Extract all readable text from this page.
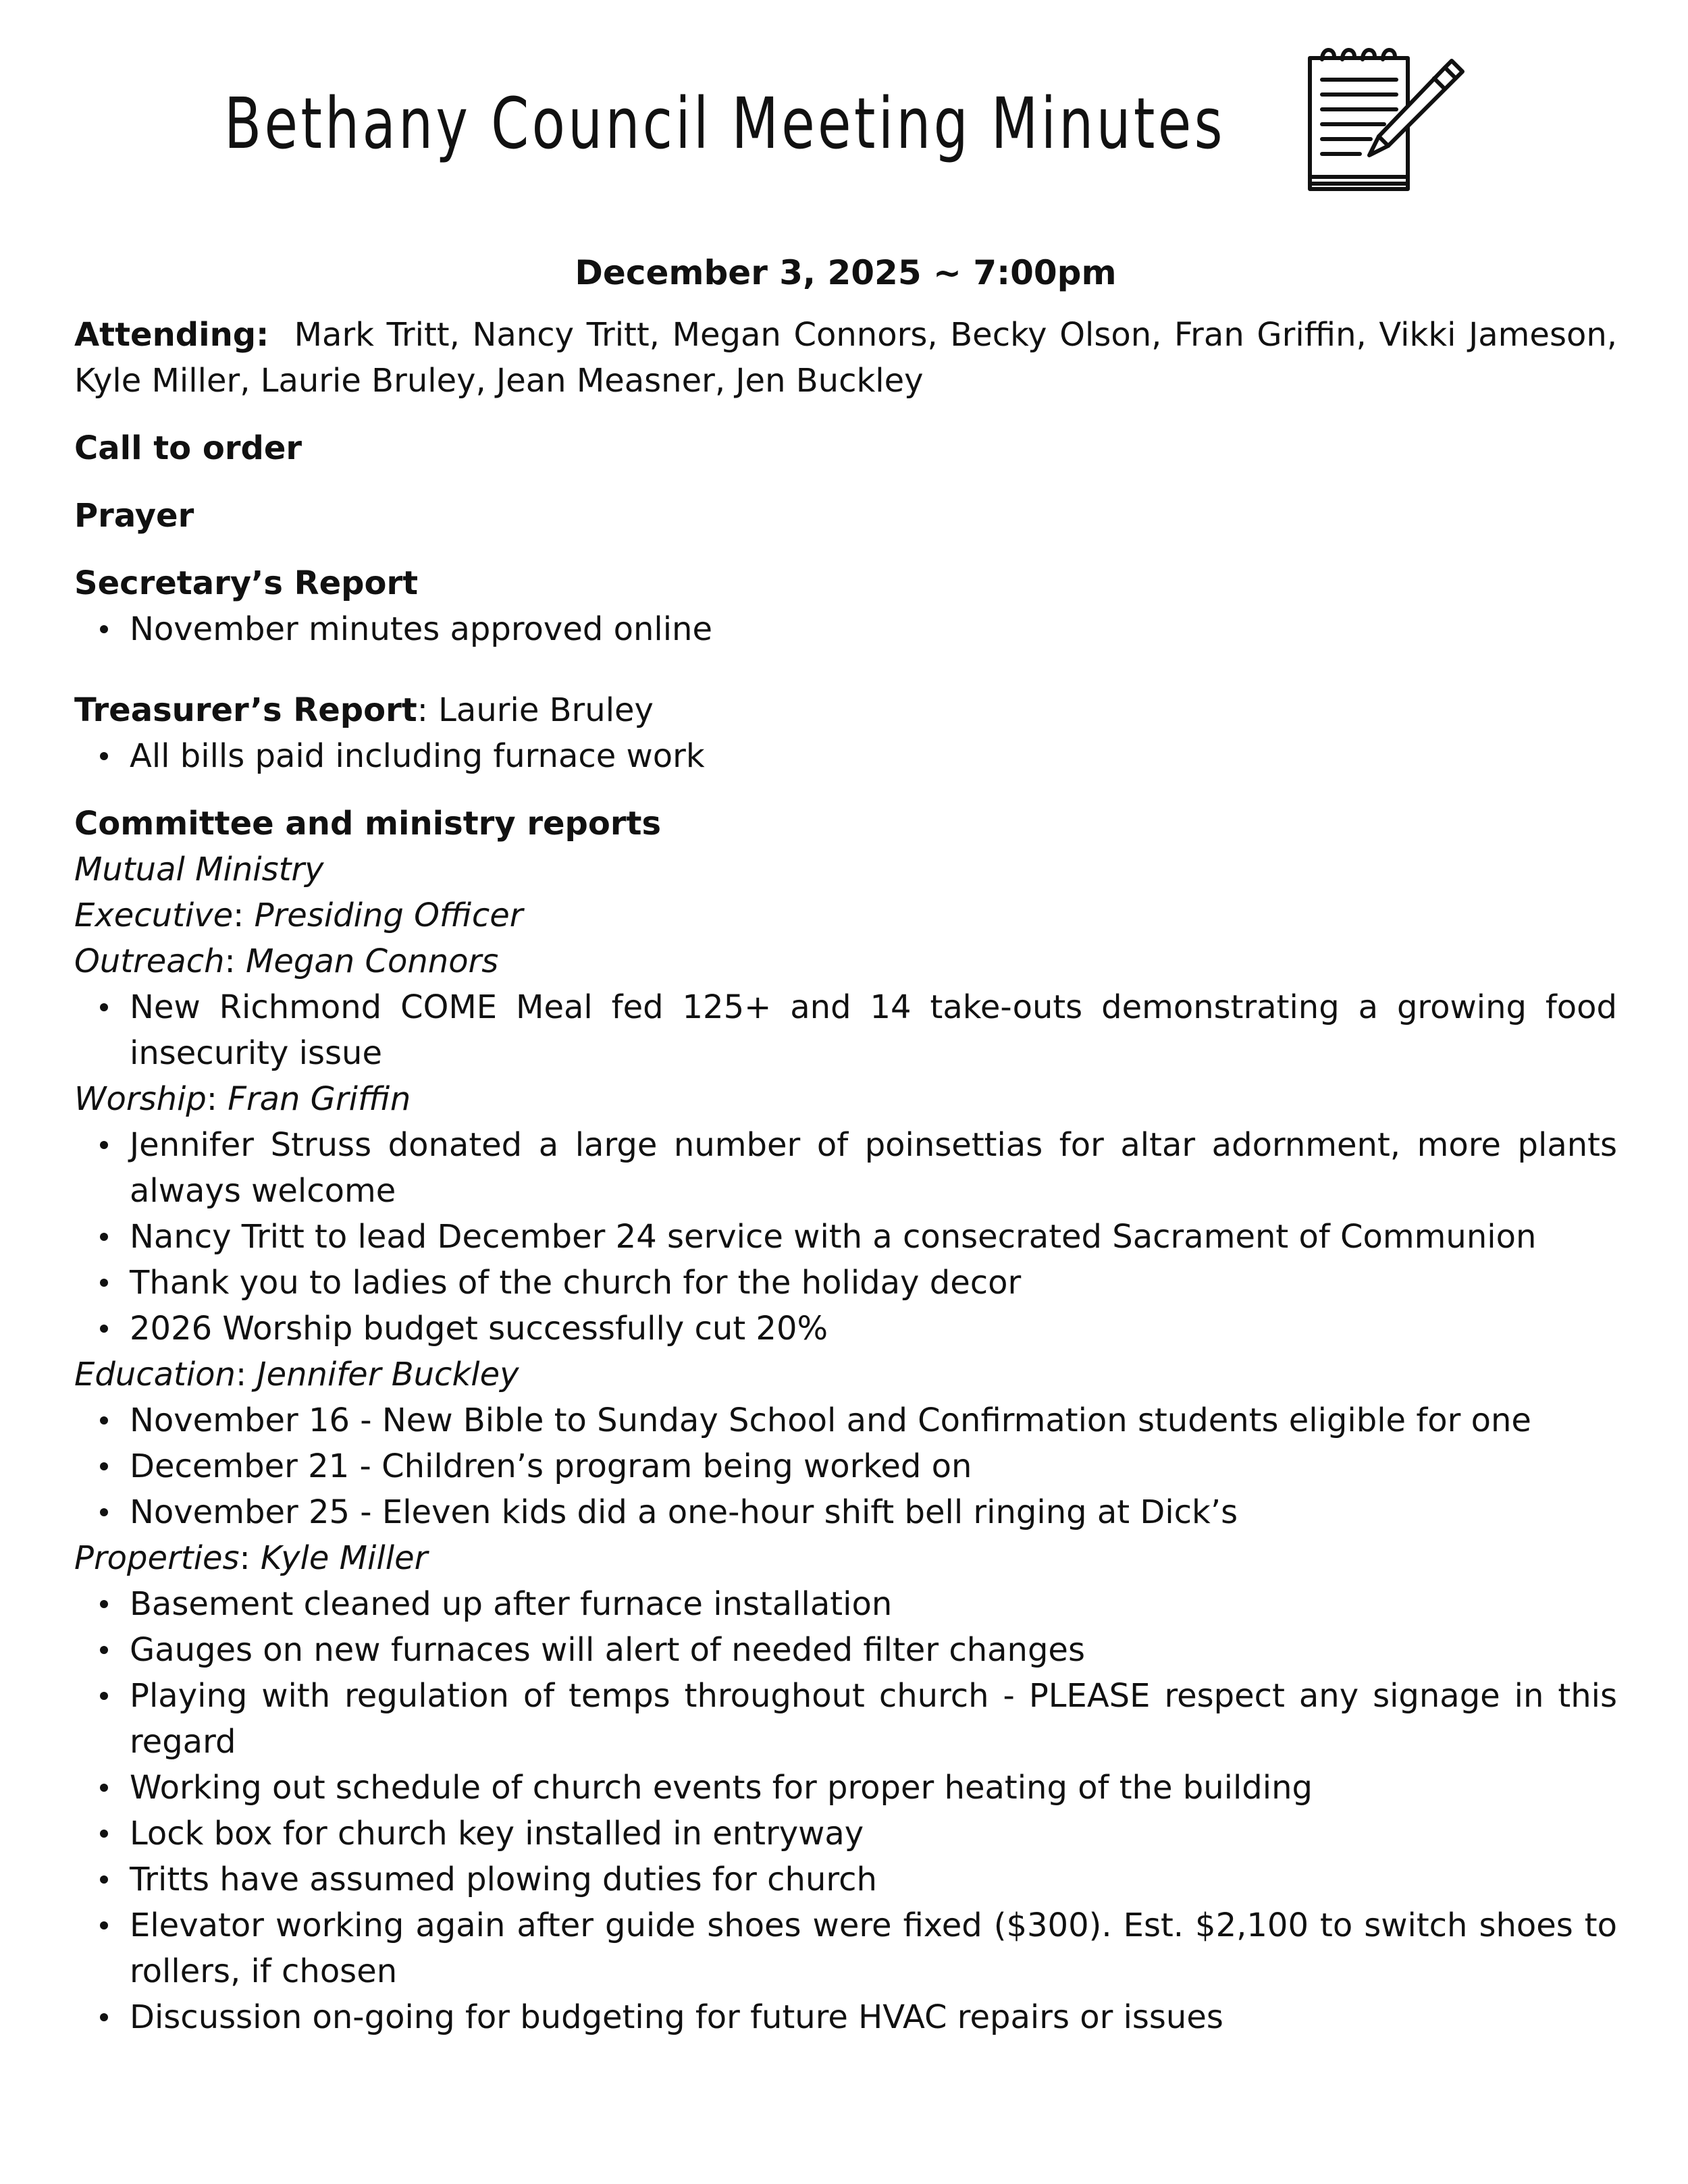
Bethany Council Meeting Minutes

December 3, 2025 ~ 7:00pm

Attending: Mark Tritt, Nancy Tritt, Megan Connors, Becky Olson, Fran Griffin, Vikki Jameson, Kyle Miller, Laurie Bruley, Jean Measner, Jen Buckley

Call to order

Prayer

Secretary’s Report

November minutes approved online

Treasurer’s Report: Laurie Bruley

All bills paid including furnace work

Committee and ministry reports

Mutual Ministry

Executive: Presiding Officer

Outreach: Megan Connors

New Richmond COME Meal fed 125+ and 14 take-outs demonstrating a growing food insecurity issue

Worship: Fran Griffin

Jennifer Struss donated a large number of poinsettias for altar adornment, more plants always welcome
Nancy Tritt to lead December 24 service with a consecrated Sacrament of Communion
Thank you to ladies of the church for the holiday decor
2026 Worship budget successfully cut 20%

Education: Jennifer Buckley

November 16 - New Bible to Sunday School and Confirmation students eligible for one
December 21 - Children’s program being worked on
November 25 - Eleven kids did a one-hour shift bell ringing at Dick’s

Properties: Kyle Miller

Basement cleaned up after furnace installation
Gauges on new furnaces will alert of needed filter changes
Playing with regulation of temps throughout church - PLEASE respect any signage in this regard
Working out schedule of church events for proper heating of the building
Lock box for church key installed in entryway
Tritts have assumed plowing duties for church
Elevator working again after guide shoes were fixed ($300). Est. $2,100 to switch shoes to rollers, if chosen
Discussion on-going for budgeting for future HVAC repairs or issues
